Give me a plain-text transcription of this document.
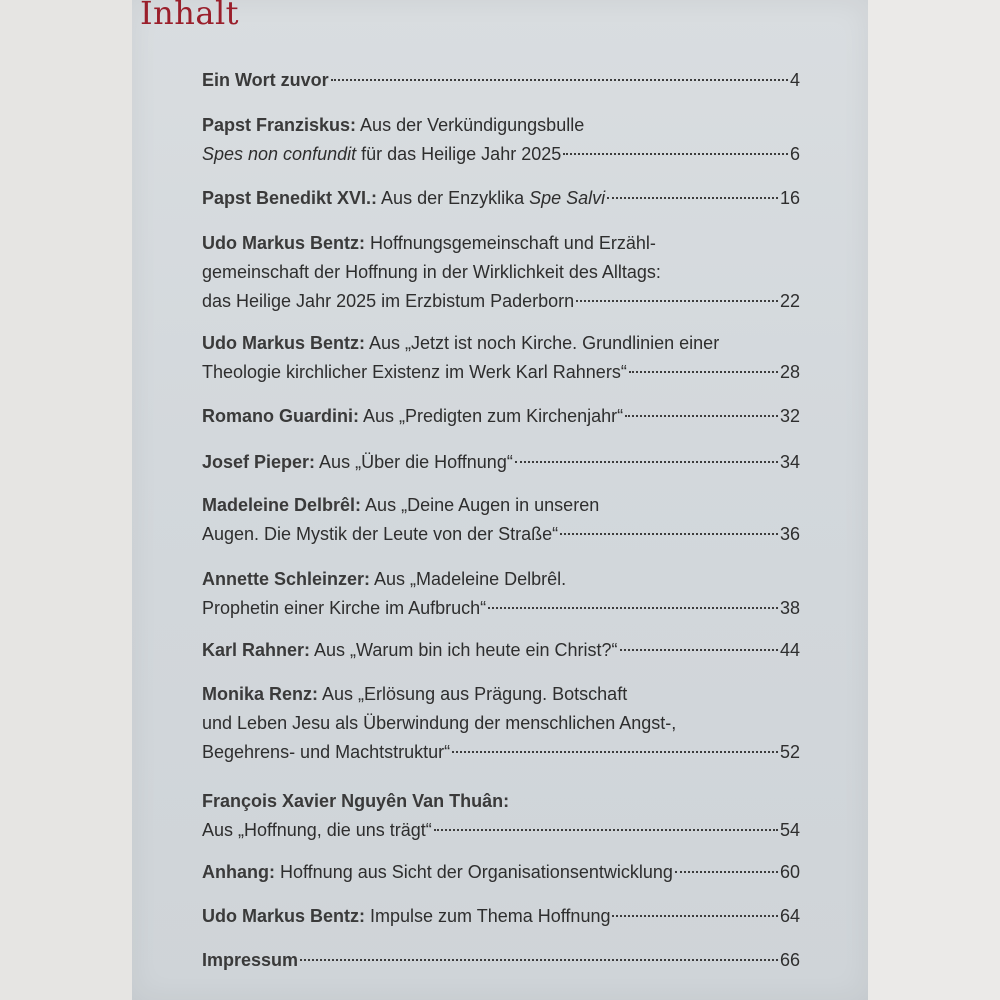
Inhalt
Ein Wort zuvor	4
Papst Franziskus: Aus der Verkündigungsbulle
Spes non confundit für das Heilige Jahr 2025	6
Papst Benedikt XVI.: Aus der Enzyklika Spe Salvi	16
Udo Markus Bentz: Hoffnungsgemeinschaft und Erzähl-
gemeinschaft der Hoffnung in der Wirklichkeit des Alltags:
das Heilige Jahr 2025 im Erzbistum Paderborn	22
Udo Markus Bentz: Aus „Jetzt ist noch Kirche. Grundlinien einer
Theologie kirchlicher Existenz im Werk Karl Rahners“	28
Romano Guardini: Aus „Predigten zum Kirchenjahr“	32
Josef Pieper: Aus „Über die Hoffnung“	34
Madeleine Delbrêl: Aus „Deine Augen in unseren
Augen. Die Mystik der Leute von der Straße“	36
Annette Schleinzer: Aus „Madeleine Delbrêl.
Prophetin einer Kirche im Aufbruch“	38
Karl Rahner: Aus „Warum bin ich heute ein Christ?“	44
Monika Renz: Aus „Erlösung aus Prägung. Botschaft
und Leben Jesu als Überwindung der menschlichen Angst-,
Begehrens- und Machtstruktur“	52
François Xavier Nguyên Van Thuân:
Aus „Hoffnung, die uns trägt“	54
Anhang: Hoffnung aus Sicht der Organisationsentwicklung	60
Udo Markus Bentz: Impulse zum Thema Hoffnung	64
Impressum	66
